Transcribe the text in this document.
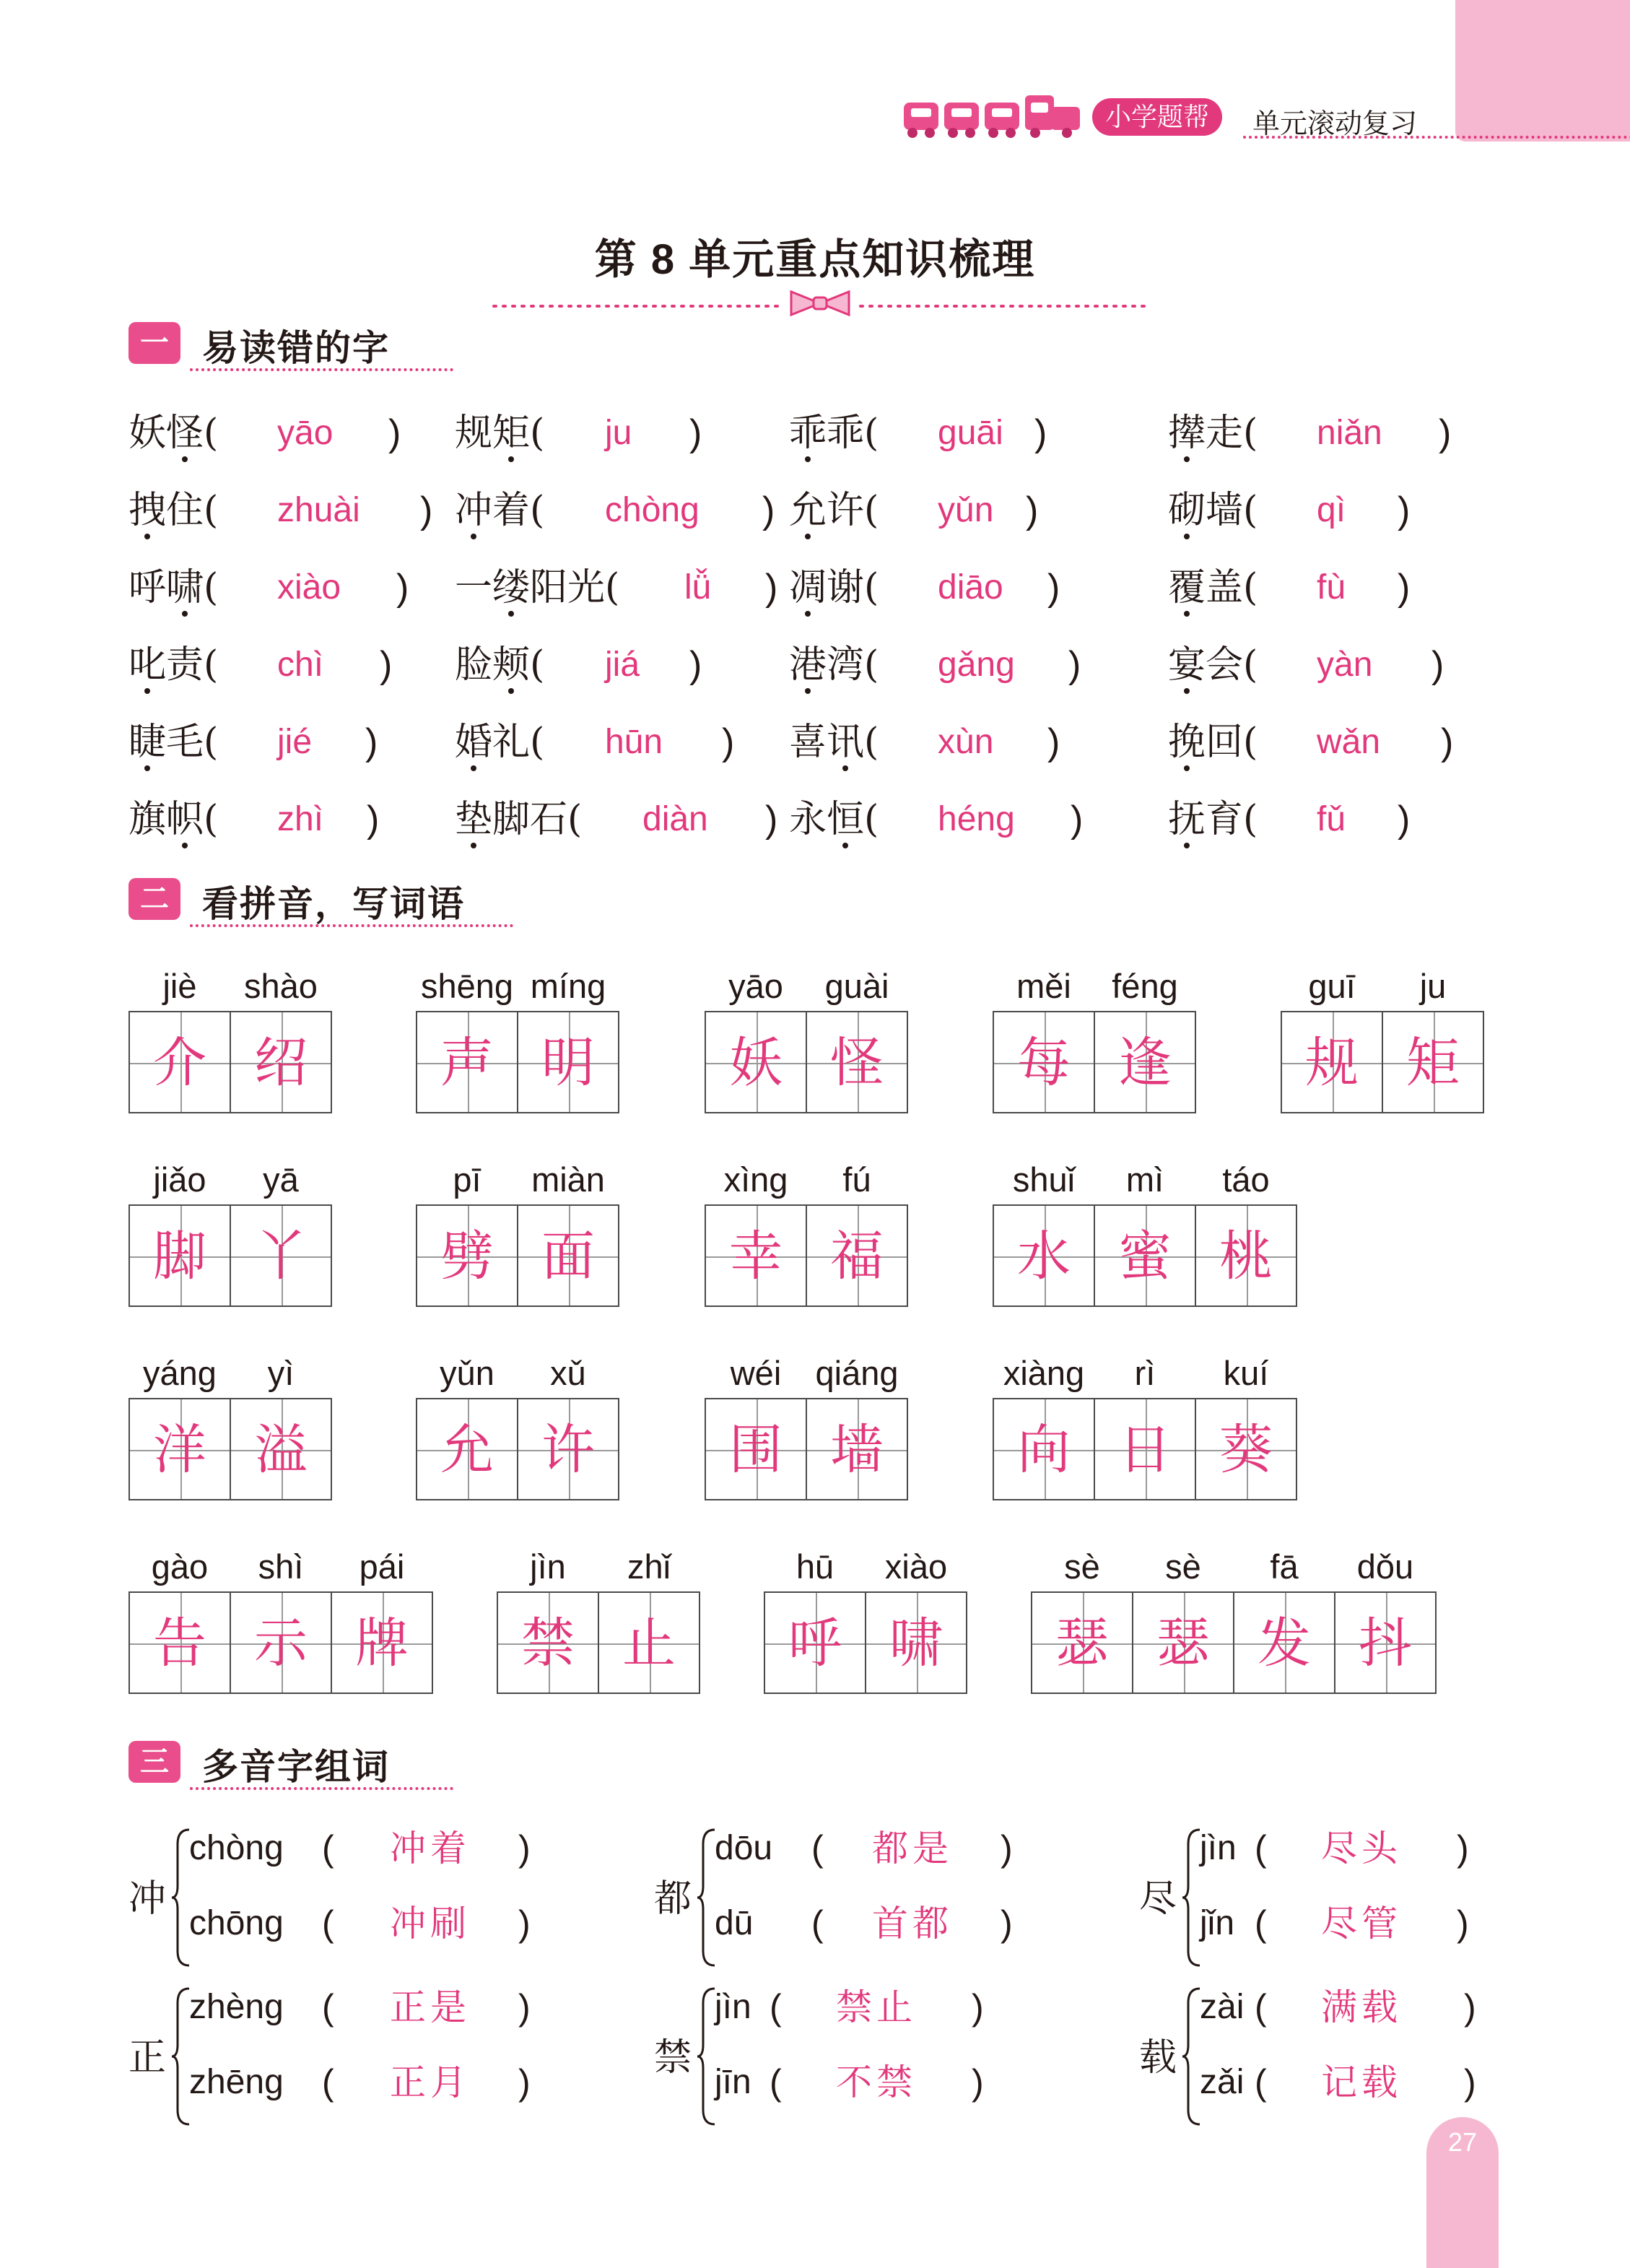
小学题帮	单元滚动复习
第 8 单元重点知识梳理
一 易读错的字
妖怪( yāo ) 规矩( ju ) 乖乖( guāi )	撵走( niǎn )
拽住( zhuài ) 冲着( chòng ) 允许( yǔn )	砌墙( qì )
呼啸( xiào ) 一缕阳光( lǚ ) 凋谢( diāo )	覆盖( fù )
叱责( chì ) 脸颊( jiá ) 港湾( gǎng ) 宴会( yàn )
睫毛( jié ) 婚礼( hūn ) 喜讯( xùn )	挽回( wǎn )
旗帜( zhì ) 垫脚石( diàn ) 永恒( héng ) 抚育( fǔ )
二 看拼音，写词语
jiè
介
shào
绍
shēng
声
míng
明
yāo
妖
guài
怪
měi
每
féng
逢
guī
规
ju
矩
jiǎo
脚
yā
丫
pī
劈
miàn
面
xìng
幸
fú
福
shuǐ
水
mì
蜜
táo
桃
yáng
洋
yì
溢
yǔn
允
xǔ
许
wéi
围
qiáng
墙
xiàng
向
rì
日
kuí
葵
gào
告
shì
示
pái
牌
jìn
禁
zhǐ
止
hū
呼
xiào
啸
sè
瑟
sè
瑟
fā
发
dǒu
抖
三 多音字组词
冲
chòng ( 冲着 )
chōng ( 冲刷 )
都
dōu ( 都是 )
dū ( 首都 )
尽
jìn ( 尽头 )
jǐn ( 尽管 )
正
zhèng ( 正是 )
zhēng ( 正月 )
禁
jìn ( 禁止 )
jīn ( 不禁 )
载
zài ( 满载 )
zǎi ( 记载 )
27
